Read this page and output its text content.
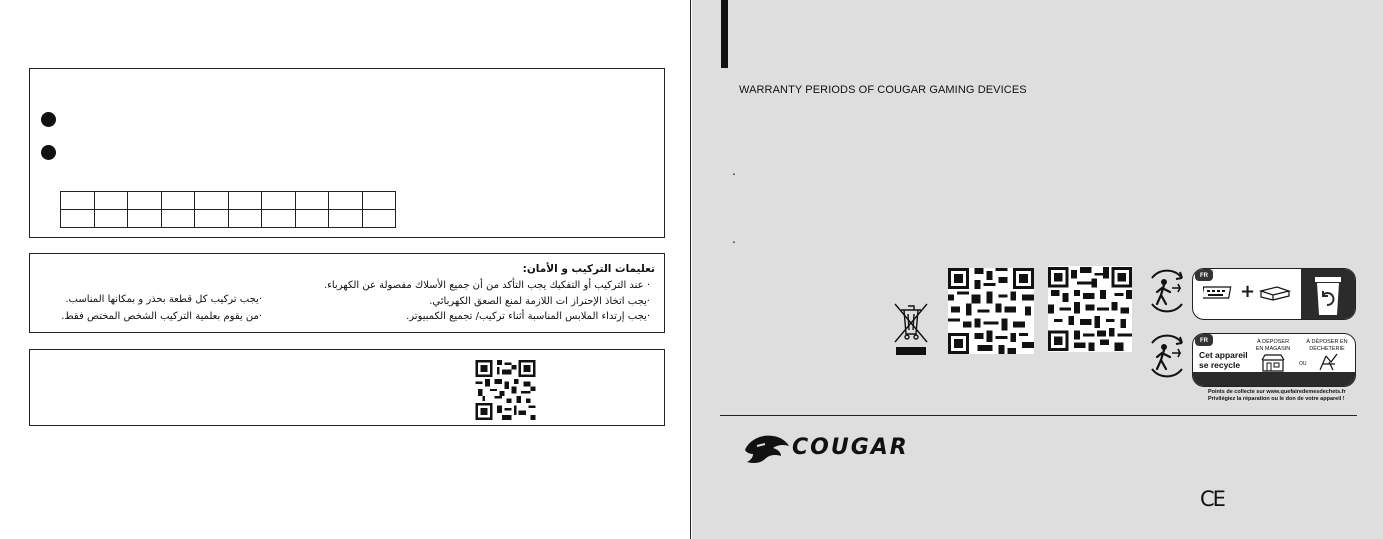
تعليمات التركيب و الأمان:
· عند التركيب أو التفكيك يجب التأكد من أن جميع الأسلاك مفصولة عن الكهرباء.
·يجب اتخاذ الإحتراز ات اللازمة لمنع الصعق الكهربائي.
·يجب إرتداء الملابس المناسبة أثناء تركيب/ تجميع الكمبيوتر.
·يجب تركيب كل قطعة بحذر و بمكانها المناسب.
·من يقوم بعلمية التركيب الشخص المختص فقط.
WARRANTY PERIODS OF COUGAR GAMING DEVICES
.
.
FR
+
FR
Cet appareil se recycle
À DÉPOSER EN MAGASIN
À DÉPOSER EN DÉCHETERIE
OU
Points de collecte sur www.quefairedemesdechets.fr
Privilégiez la réparation ou le don de votre appareil !
COUGAR
CE
